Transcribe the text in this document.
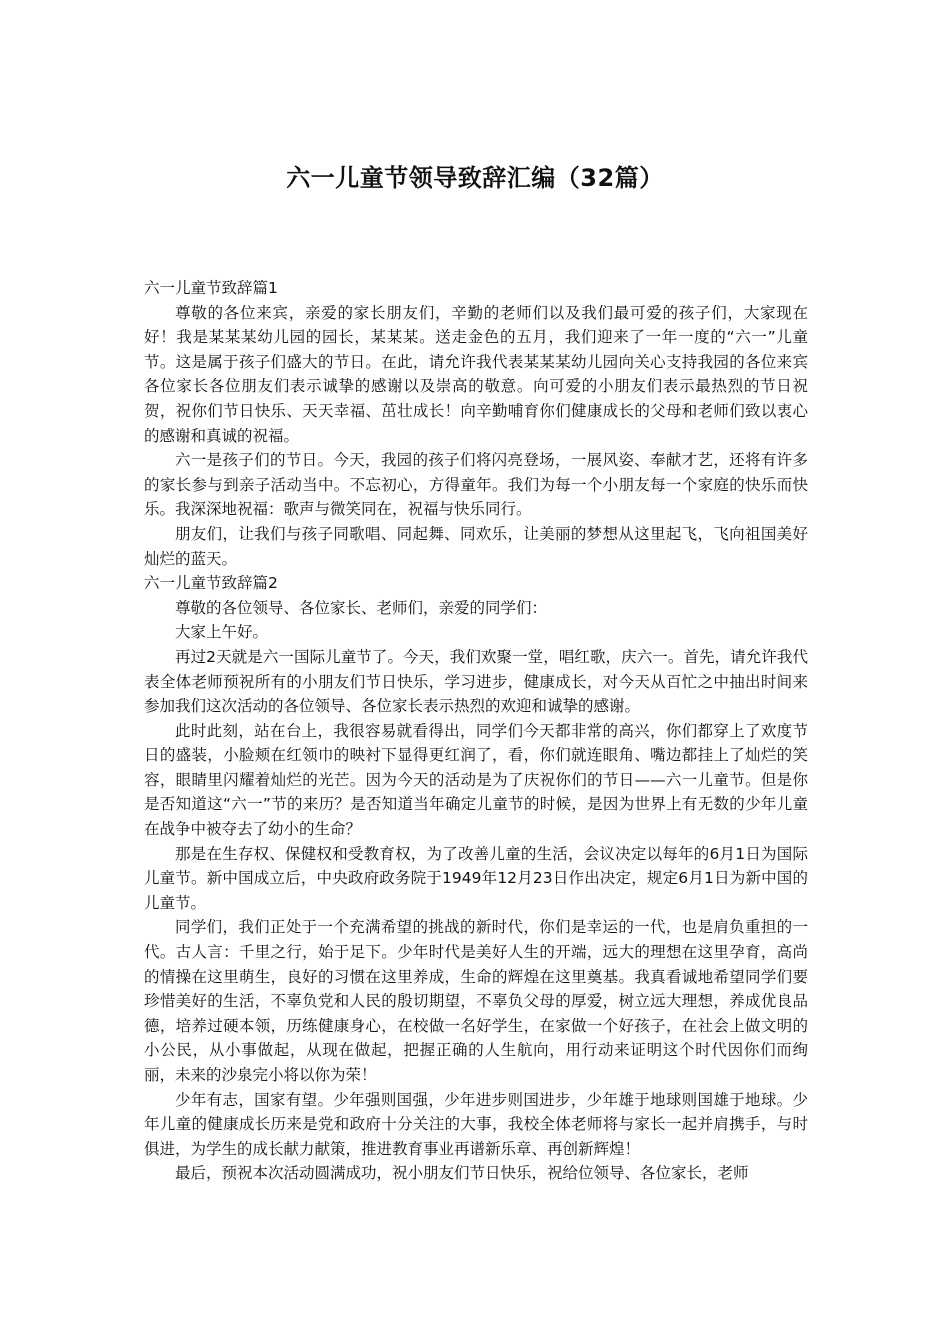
六一儿童节领导致辞汇编（32篇）

六一儿童节致辞篇1

尊敬的各位来宾，亲爱的家长朋友们，辛勤的老师们以及我们最可爱的孩子们，大家现在好！我是某某某幼儿园的园长，某某某。送走金色的五月，我们迎来了一年一度的“六一”儿童节。这是属于孩子们盛大的节日。在此，请允许我代表某某某幼儿园向关心支持我园的各位来宾各位家长各位朋友们表示诚挚的感谢以及崇高的敬意。向可爱的小朋友们表示最热烈的节日祝贺，祝你们节日快乐、天天幸福、茁壮成长！向辛勤哺育你们健康成长的父母和老师们致以衷心的感谢和真诚的祝福。

六一是孩子们的节日。今天，我园的孩子们将闪亮登场，一展风姿、奉献才艺，还将有许多的家长参与到亲子活动当中。不忘初心，方得童年。我们为每一个小朋友每一个家庭的快乐而快乐。我深深地祝福：歌声与微笑同在，祝福与快乐同行。

朋友们，让我们与孩子同歌唱、同起舞、同欢乐，让美丽的梦想从这里起飞，飞向祖国美好灿烂的蓝天。

六一儿童节致辞篇2

尊敬的各位领导、各位家长、老师们，亲爱的同学们：

大家上午好。

再过2天就是六一国际儿童节了。今天，我们欢聚一堂，唱红歌，庆六一。首先，请允许我代表全体老师预祝所有的小朋友们节日快乐，学习进步，健康成长，对今天从百忙之中抽出时间来参加我们这次活动的各位领导、各位家长表示热烈的欢迎和诚挚的感谢。

此时此刻，站在台上，我很容易就看得出，同学们今天都非常的高兴，你们都穿上了欢度节日的盛装，小脸颊在红领巾的映衬下显得更红润了，看，你们就连眼角、嘴边都挂上了灿烂的笑容，眼睛里闪耀着灿烂的光芒。因为今天的活动是为了庆祝你们的节日——六一儿童节。但是你是否知道这“六一”节的来历？是否知道当年确定儿童节的时候，是因为世界上有无数的少年儿童在战争中被夺去了幼小的生命？

那是在生存权、保健权和受教育权，为了改善儿童的生活，会议决定以每年的6月1日为国际儿童节。新中国成立后，中央政府政务院于1949年12月23日作出决定，规定6月1日为新中国的儿童节。

同学们，我们正处于一个充满希望的挑战的新时代，你们是幸运的一代，也是肩负重担的一代。古人言：千里之行，始于足下。少年时代是美好人生的开端，远大的理想在这里孕育，高尚的情操在这里萌生，良好的习惯在这里养成，生命的辉煌在这里奠基。我真看诚地希望同学们要珍惜美好的生活，不辜负党和人民的殷切期望，不辜负父母的厚爱，树立远大理想，养成优良品德，培养过硬本领，历练健康身心，在校做一名好学生，在家做一个好孩子，在社会上做文明的小公民，从小事做起，从现在做起，把握正确的人生航向，用行动来证明这个时代因你们而绚丽，未来的沙泉完小将以你为荣！

少年有志，国家有望。少年强则国强，少年进步则国进步，少年雄于地球则国雄于地球。少年儿童的健康成长历来是党和政府十分关注的大事，我校全体老师将与家长一起并肩携手，与时俱进，为学生的成长献力献策，推进教育事业再谱新乐章、再创新辉煌！

最后，预祝本次活动圆满成功，祝小朋友们节日快乐，祝给位领导、各位家长，老师
